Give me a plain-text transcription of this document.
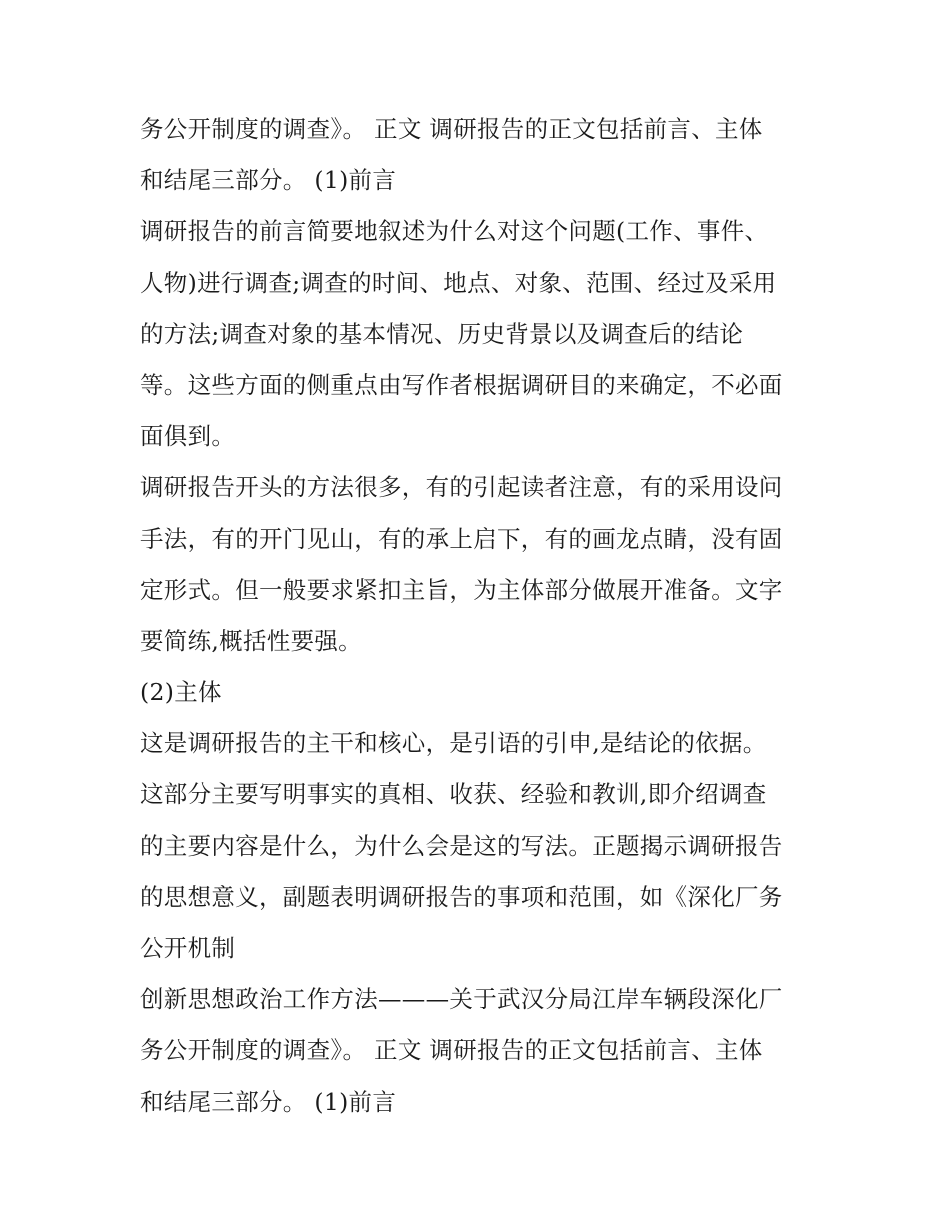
务公开制度的调查》。 正文 调研报告的正文包括前言、主体
和结尾三部分。 (1)前言
调研报告的前言简要地叙述为什么对这个问题(工作、事件、
人物)进行调查;调查的时间、地点、对象、范围、经过及采用
的方法;调查对象的基本情况、历史背景以及调查后的结论
等。这些方面的侧重点由写作者根据调研目的来确定，不必面
面俱到。
调研报告开头的方法很多，有的引起读者注意，有的采用设问
手法，有的开门见山，有的承上启下，有的画龙点睛，没有固
定形式。但一般要求紧扣主旨，为主体部分做展开准备。文字
要简练,概括性要强。
(2)主体
这是调研报告的主干和核心，是引语的引申,是结论的依据。
这部分主要写明事实的真相、收获、经验和教训,即介绍调查
的主要内容是什么，为什么会是这的写法。正题揭示调研报告
的思想意义，副题表明调研报告的事项和范围，如《深化厂务
公开机制
创新思想政治工作方法———关于武汉分局江岸车辆段深化厂
务公开制度的调查》。 正文 调研报告的正文包括前言、主体
和结尾三部分。 (1)前言
